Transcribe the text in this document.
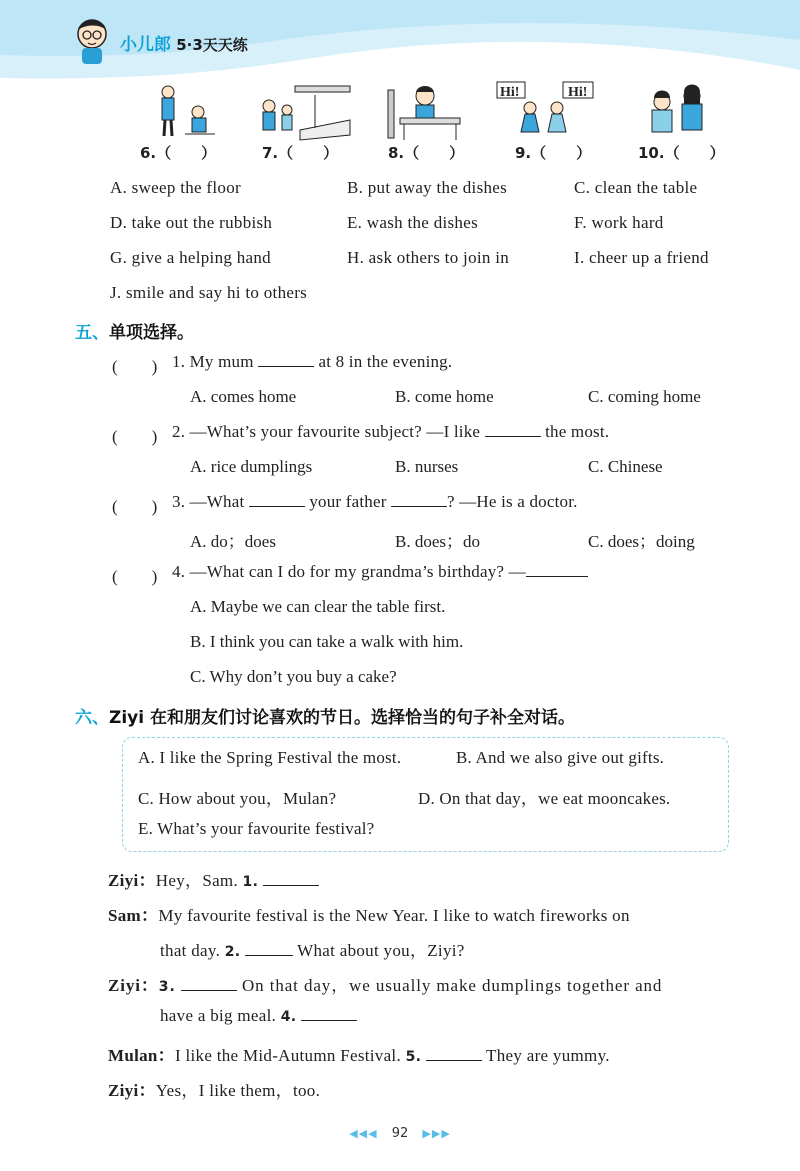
小儿郎 5·3天天练
6.（　　）	7.（　　）	8.（　　）
Hi!	Hi!
9.（　　）	10.（　　）
A. sweep the floor	B. put away the dishes	C. clean the table
D. take out the rubbish	E. wash the dishes	F. work hard
G. give a helping hand	H. ask others to join in	I. cheer up a friend
J. smile and say hi to others
五、单项选择。
(　　) 1. My mum	at 8 in the evening.
A. comes home	B. come home	C. coming home
(　　) 2. —What’s your favourite subject? —I like	the most.
A. rice dumplings	B. nurses	C. Chinese
(　　) 3. —What	your father	? —He is a doctor.
A. do；does	B. does；do	C. does；doing
(　　) 4. —What can I do for my grandma’s birthday? —
A. Maybe we can clear the table first.
B. I think you can take a walk with him.
C. Why don’t you buy a cake?
六、Ziyi 在和朋友们讨论喜欢的节日。选择恰当的句子补全对话。
A. I like the Spring Festival the most.	B. And we also give out gifts.
C. How about you，Mulan?	D. On that day，we eat mooncakes.
E. What’s your favourite festival?
Ziyi：Hey，Sam. 1.
Sam：My favourite festival is the New Year. I like to watch fireworks on
that day. 2.	What about you，Ziyi?
Ziyi：3.	On that day，we usually make dumplings together and
have a big meal. 4.
Mulan：I like the Mid-Autumn Festival. 5.	They are yummy.
Ziyi：Yes，I like them，too.
◀◀◀ 92 ▶▶▶
